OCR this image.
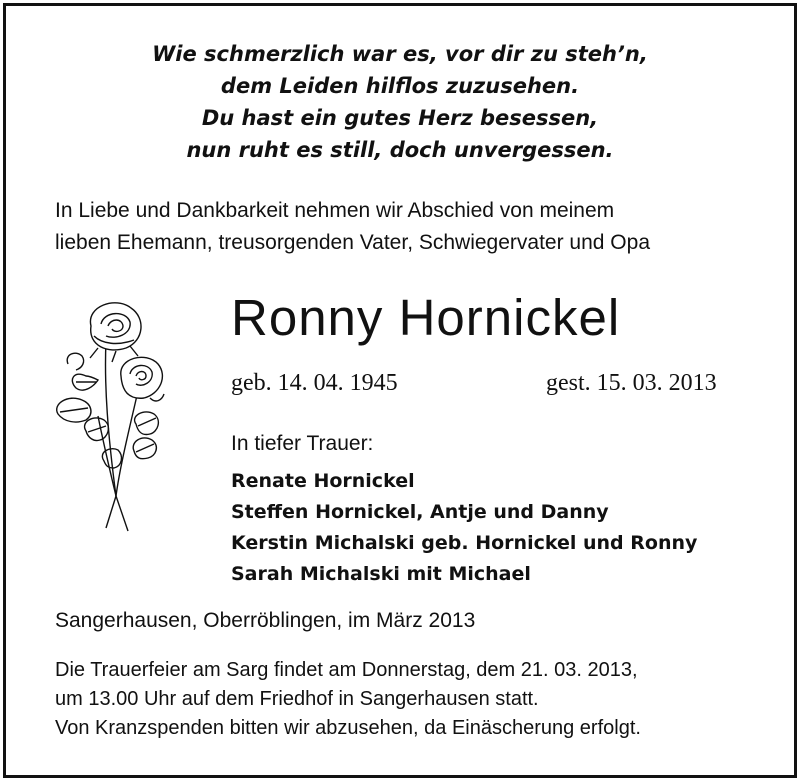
Wie schmerzlich war es, vor dir zu steh’n,
dem Leiden hilflos zuzusehen.
Du hast ein gutes Herz besessen,
nun ruht es still, doch unvergessen.
In Liebe und Dankbarkeit nehmen wir Abschied von meinem
lieben Ehemann, treusorgenden Vater, Schwiegervater und Opa
Ronny Hornickel
geb. 14. 04. 1945	gest. 15. 03. 2013
In tiefer Trauer:
Renate Hornickel
Steffen Hornickel, Antje und Danny
Kerstin Michalski geb. Hornickel und Ronny
Sarah Michalski mit Michael
Sangerhausen, Oberröblingen, im März 2013
Die Trauerfeier am Sarg findet am Donnerstag, dem 21. 03. 2013,
um 13.00 Uhr auf dem Friedhof in Sangerhausen statt.
Von Kranzspenden bitten wir abzusehen, da Einäscherung erfolgt.
